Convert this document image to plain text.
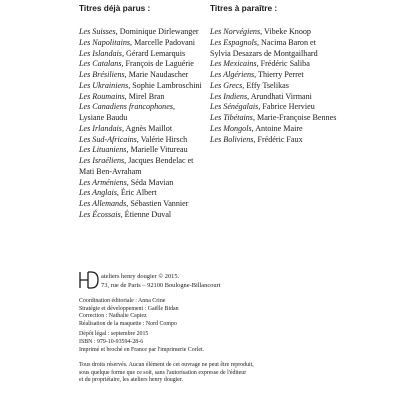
Titres déjà parus :
Les Suisses, Dominique Dirlewanger
Les Napolitains, Marcelle Padovani
Les Islandais, Gérard Lemarquis
Les Catalans, François de Laguérie
Les Brésiliens, Marie Naudascher
Les Ukrainiens, Sophie Lambroschini
Les Roumains, Mirel Bran
Les Canadiens francophones,
Lysiane Baudu
Les Irlandais, Agnès Maillot
Les Sud-Africains, Valérie Hirsch
Les Lituaniens, Marielle Vitureau
Les Israéliens, Jacques Bendelac et
Mati Ben-Avraham
Les Arméniens, Séda Mavian
Les Anglais, Éric Albert
Les Allemands, Sébastien Vannier
Les Écossais, Étienne Duval
Titres à paraître :
Les Norvégiens, Vibeke Knoop
Les Espagnols, Nacima Baron et
Sylvia Desazars de Montgailhard
Les Mexicains, Frédéric Saliba
Les Algériens, Thierry Perret
Les Grecs, Effy Tselikas
Les Indiens, Arundhati Virmani
Les Sénégalais, Fabrice Hervieu
Les Tibétains, Marie-Françoise Bennes
Les Mongols, Antoine Maire
Les Boliviens, Frédéric Faux
ateliers henry dougier © 2015.
73, rue de Paris – 92100 Boulogne-Billancourt
Coordination éditoriale : Anna Crine
Stratégie et développement : Gaëlle Bidan
Correction : Nathalie Capiez
Réalisation de la maquette : Nord Compo
Dépôt légal : septembre 2015
ISBN : 979-10-93594-28-6
Imprimé et broché en France par l'imprimerie Corlet.
Tous droits réservés. Aucun élément de cet ouvrage ne peut être reproduit,
sous quelque forme que ce soit, sans l'autorisation expresse de l'éditeur
et du propriétaire, les ateliers henry dougier.
